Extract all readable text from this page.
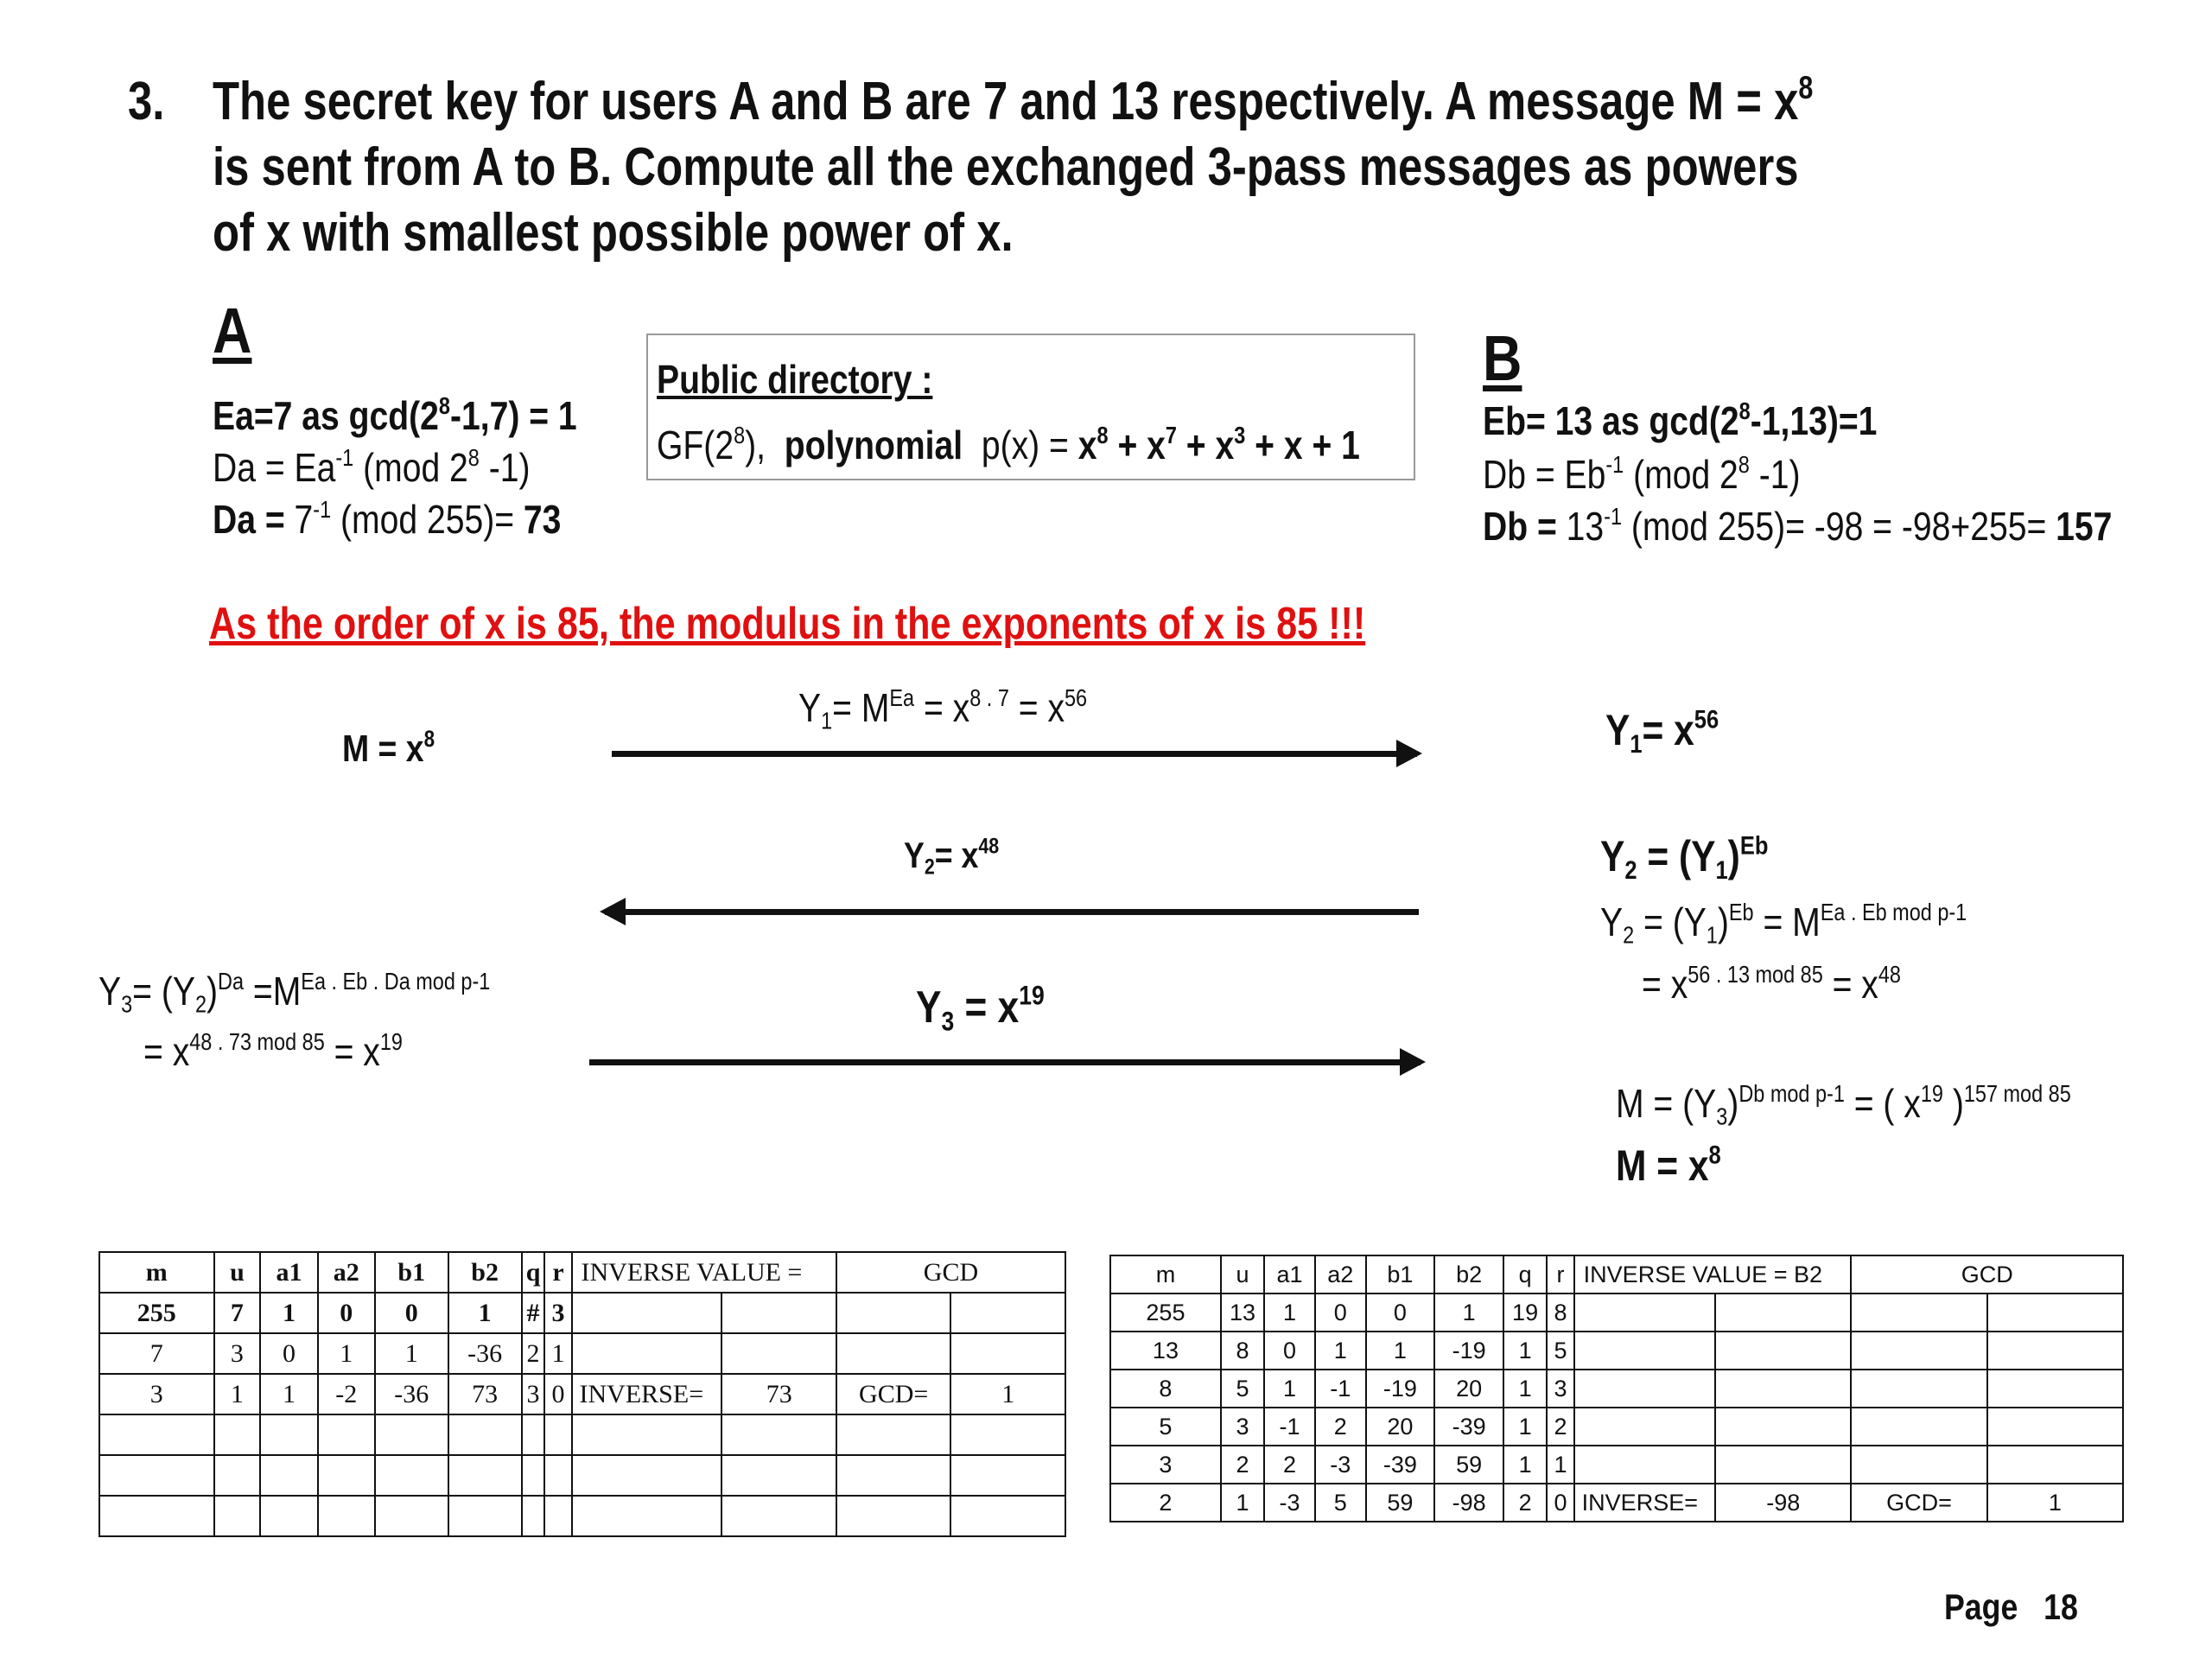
3. The secret key for users A and B are 7 and 13 respectively. A message $M = x^8$
is sent from A to B. Compute all the exchanged 3-pass messages as powers
of x with smallest possible power of x.
A
Ea=7 as $\gcd(2^8-1,7) = 1$
$Da = Ea^{-1}$ (mod $2^8$ -1)
$Da = 7^{-1}$ (mod 255)= 73
Public directory :
$GF(2^8)$, polynomial $p(x) = x^8 + x^7 + x^3 + x + 1$
B
Eb= 13 as $\gcd(2^8-1,13)=1$
$Db = Eb^{-1}$ (mod $2^8$ -1)
$Db = 13^{-1}$ (mod 255)= -98 = -98+255= 157
As the order of x is 85, the modulus in the exponents of x is 85 !!!
$M = x^8$
$Y_1= M^{Ea} = x^{8 . 7} = x^{56}$
$Y_1= x^{56}$
$Y_2= x^{48}$	$Y_2 = (Y_1)^{Eb}$
$Y_2 = (Y_1)^{Eb} = M^{Ea . Eb mod p-1}$
= $x^{56 . 13 mod 85} = x^{48}$
$Y_3= (Y_2)^{Da} =M^{Ea . Eb . Da mod p-1}$
= $x^{48 . 73 mod 85} = x^{19}$
$Y_3 = x^{19}$
$M = (Y_3)^{Db mod p-1}$ = ( $x^{19}$ )$^{157 mod 85}$
$M = x^8$
m	u	a1	a2	b1	b2	q	r	INVERSE VALUE =		GCD	
255	7	1	0	0	1	#	3				
7	3	0	1	1	-36	2	1				
3	1	1	-2	-36	73	3	0	INVERSE=	73	GCD=	1

m	u	a1	a2	b1	b2	q	r	INVERSE VALUE = B2		GCD	
255	13	1	0	0	1	19	8				
13	8	0	1	1	-19	1	5				
8	5	1	-1	-19	20	1	3				
5	3	-1	2	20	-39	1	2				
3	2	2	-3	-39	59	1	1				
2	1	-3	5	59	-98	2	0	INVERSE=	-98	GCD=	1
Page 18
